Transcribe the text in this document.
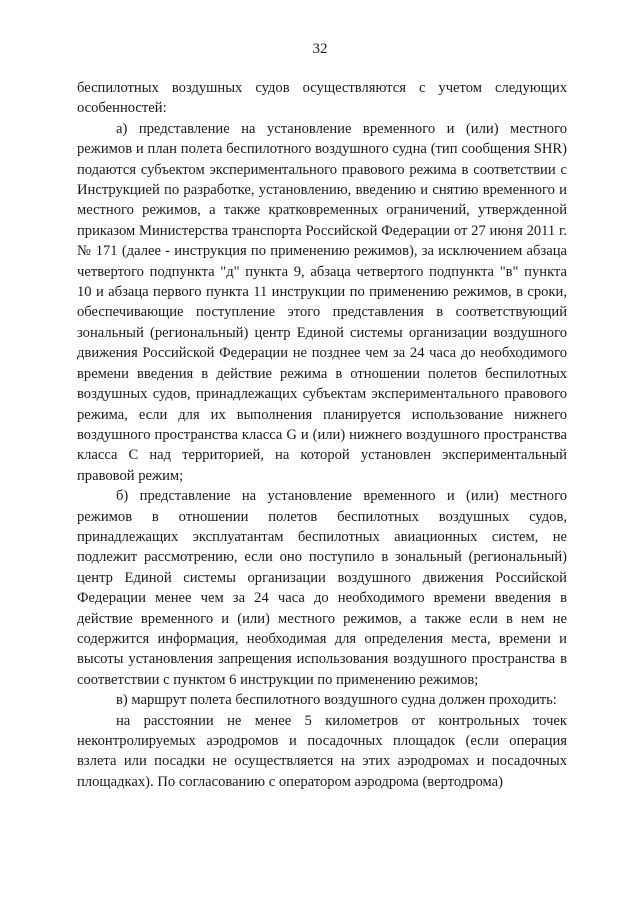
32

беспилотных воздушных судов осуществляются с учетом следующих особенностей:

а) представление на установление временного и (или) местного режимов и план полета беспилотного воздушного судна (тип сообщения SHR) подаются субъектом экспериментального правового режима в соответствии с Инструкцией по разработке, установлению, введению и снятию временного и местного режимов, а также кратковременных ограничений, утвержденной приказом Министерства транспорта Российской Федерации от 27 июня 2011 г. № 171 (далее - инструкция по применению режимов), за исключением абзаца четвертого подпункта "д" пункта 9, абзаца четвертого подпункта "в" пункта 10 и абзаца первого пункта 11 инструкции по применению режимов, в сроки, обеспечивающие поступление этого представления в соответствующий зональный (региональный) центр Единой системы организации воздушного движения Российской Федерации не позднее чем за 24 часа до необходимого времени введения в действие режима в отношении полетов беспилотных воздушных судов, принадлежащих субъектам экспериментального правового режима, если для их выполнения планируется использование нижнего воздушного пространства класса G и (или) нижнего воздушного пространства класса C над территорией, на которой установлен экспериментальный правовой режим;

б) представление на установление временного и (или) местного режимов в отношении полетов беспилотных воздушных судов, принадлежащих эксплуатантам беспилотных авиационных систем, не подлежит рассмотрению, если оно поступило в зональный (региональный) центр Единой системы организации воздушного движения Российской Федерации менее чем за 24 часа до необходимого времени введения в действие временного и (или) местного режимов, а также если в нем не содержится информация, необходимая для определения места, времени и высоты установления запрещения использования воздушного пространства в соответствии с пунктом 6 инструкции по применению режимов;

в) маршрут полета беспилотного воздушного судна должен проходить:

на расстоянии не менее 5 километров от контрольных точек неконтролируемых аэродромов и посадочных площадок (если операция взлета или посадки не осуществляется на этих аэродромах и посадочных площадках). По согласованию с оператором аэродрома (вертодрома)
